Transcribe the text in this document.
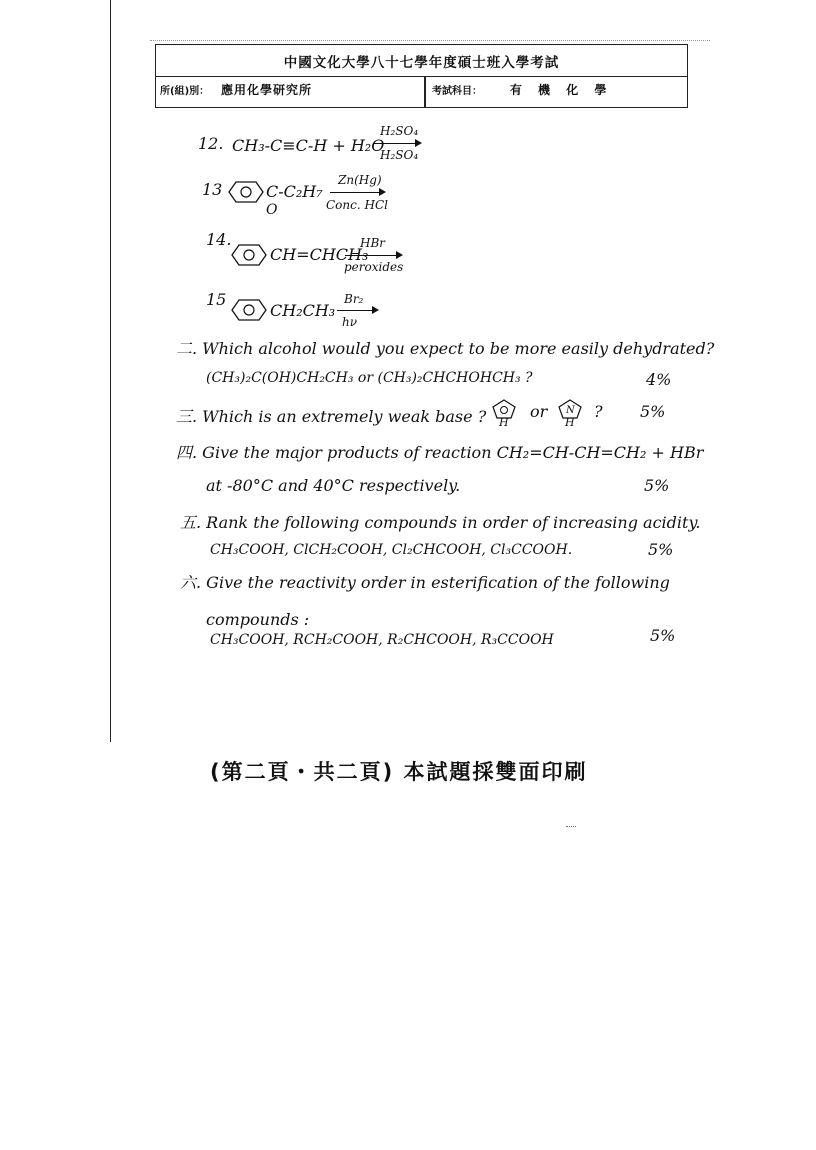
中國文化大學八十七學年度碩士班入學考試
所(組)別： 應用化學研究所	考試科目： 有 機 化 學
12. CH₃-C≡C-H + H₂O
H₂SO₄
H₂SO₄
13	C-C₂H₇
O
Zn(Hg)
Conc. HCl
14.
CH=CHCH₃
HBr
peroxides
15
CH₂CH₃
Br₂
hν
二. Which alcohol would you expect to be more easily dehydrated?
(CH₃)₂C(OH)CH₂CH₃ or (CH₃)₂CHCHOHCH₃ ?	4%
三. Which is an extremely weak base ? H
or N
H
? 5%
四. Give the major products of reaction CH₂=CH-CH=CH₂ + HBr
at -80°C and 40°C respectively.	5%
五. Rank the following compounds in order of increasing acidity.
CH₃COOH, ClCH₂COOH, Cl₂CHCOOH, Cl₃CCOOH.	5%
六. Give the reactivity order in esterification of the following
compounds :
CH₃COOH, RCH₂COOH, R₂CHCOOH, R₃CCOOH	5%
(第二頁・共二頁) 本試題採雙面印刷
